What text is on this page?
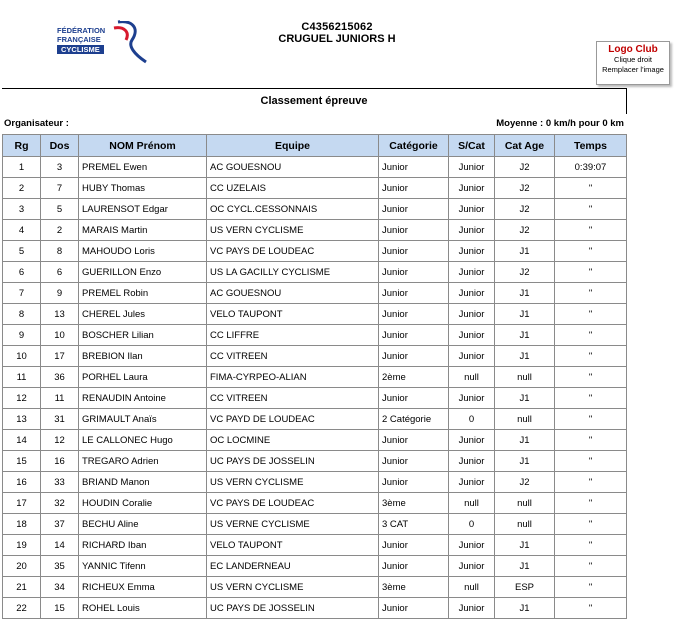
FÉDÉRATION
FRANÇAISE
CYCLISME
C4356215062
CRUGUEL JUNIORS H
Logo Club
Clique droit
Remplacer l'image
Classement épreuve
Organisateur :	Moyenne : 0 km/h pour 0 km
Rg	Dos	NOM Prénom	Equipe	Catégorie	S/Cat	Cat Age	Temps
1	3	PREMEL Ewen	AC GOUESNOU	Junior	Junior	J2	0:39:07
2	7	HUBY Thomas	CC UZELAIS	Junior	Junior	J2	"
3	5	LAURENSOT Edgar	OC CYCL.CESSONNAIS	Junior	Junior	J2	"
4	2	MARAIS Martin	US VERN CYCLISME	Junior	Junior	J2	"
5	8	MAHOUDO Loris	VC PAYS DE LOUDEAC	Junior	Junior	J1	"
6	6	GUERILLON Enzo	US LA GACILLY CYCLISME	Junior	Junior	J2	"
7	9	PREMEL Robin	AC GOUESNOU	Junior	Junior	J1	"
8	13	CHEREL Jules	VELO TAUPONT	Junior	Junior	J1	"
9	10	BOSCHER Lilian	CC LIFFRE	Junior	Junior	J1	"
10	17	BREBION Ilan	CC VITREEN	Junior	Junior	J1	"
11	36	PORHEL Laura	FIMA-CYRPEO-ALIAN	2ème	null	null	"
12	11	RENAUDIN Antoine	CC VITREEN	Junior	Junior	J1	"
13	31	GRIMAULT Anaïs	VC PAYD DE LOUDEAC	2 Catégorie	0	null	"
14	12	LE CALLONEC Hugo	OC LOCMINE	Junior	Junior	J1	"
15	16	TREGARO Adrien	UC PAYS DE JOSSELIN	Junior	Junior	J1	"
16	33	BRIAND Manon	US VERN CYCLISME	Junior	Junior	J2	"
17	32	HOUDIN Coralie	VC PAYS DE LOUDEAC	3ème	null	null	"
18	37	BECHU Aline	US VERNE CYCLISME	3 CAT	0	null	"
19	14	RICHARD Iban	VELO TAUPONT	Junior	Junior	J1	"
20	35	YANNIC Tifenn	EC LANDERNEAU	Junior	Junior	J1	"
21	34	RICHEUX Emma	US VERN CYCLISME	3ème	null	ESP	"
22	15	ROHEL Louis	UC PAYS DE JOSSELIN	Junior	Junior	J1	"
